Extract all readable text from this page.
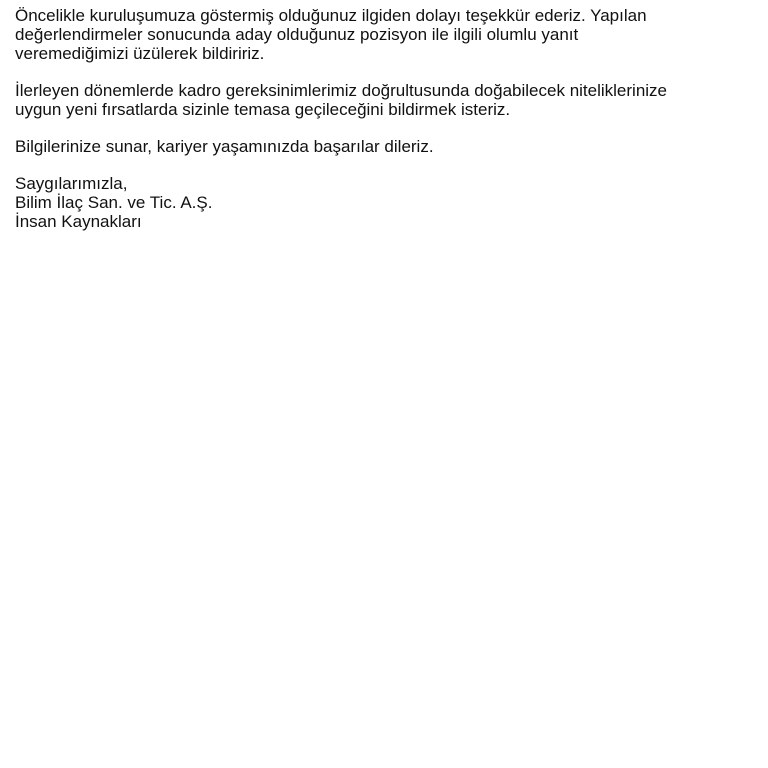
Öncelikle kuruluşumuza göstermiş olduğunuz ilgiden dolayı teşekkür ederiz. Yapılan
değerlendirmeler sonucunda aday olduğunuz pozisyon ile ilgili olumlu yanıt
veremediğimizi üzülerek bildiririz.

İlerleyen dönemlerde kadro gereksinimlerimiz doğrultusunda doğabilecek niteliklerinize
uygun yeni fırsatlarda sizinle temasa geçileceğini bildirmek isteriz.

Bilgilerinize sunar, kariyer yaşamınızda başarılar dileriz.

Saygılarımızla,
Bilim İlaç San. ve Tic. A.Ş.
İnsan Kaynakları
